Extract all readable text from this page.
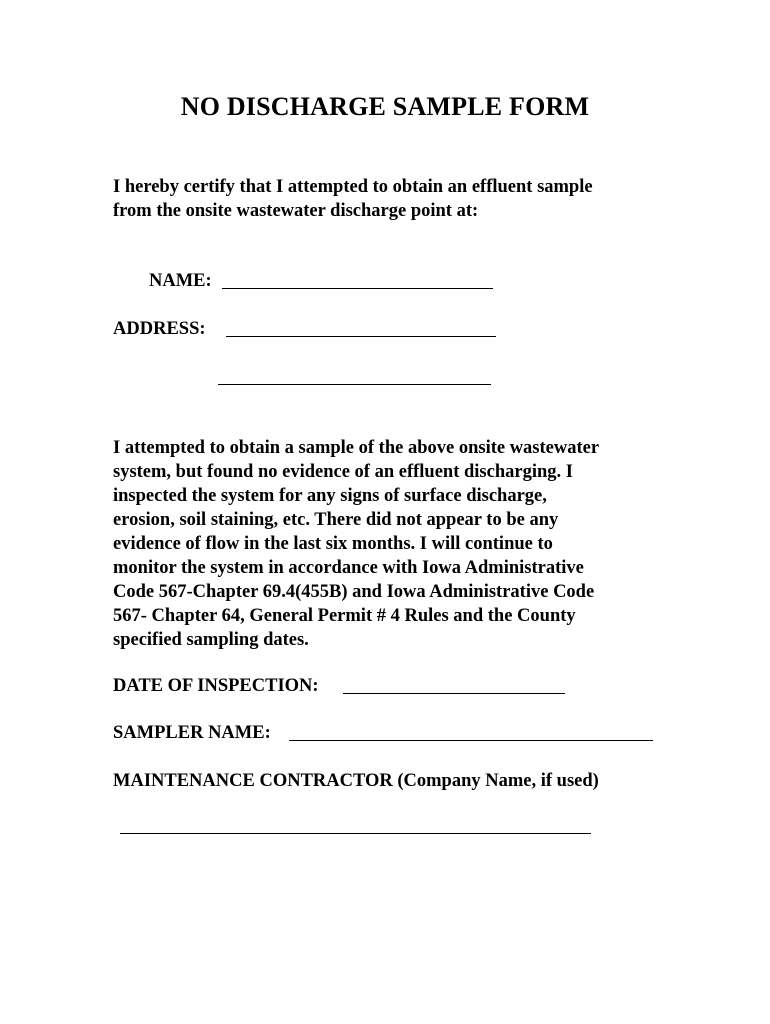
NO DISCHARGE SAMPLE FORM
I hereby certify that I attempted to obtain an effluent sample
from the onsite wastewater discharge point at:
NAME:
ADDRESS:
I attempted to obtain a sample of the above onsite wastewater
system, but found no evidence of an effluent discharging. I
inspected the system for any signs of surface discharge,
erosion, soil staining, etc. There did not appear to be any
evidence of flow in the last six months. I will continue to
monitor the system in accordance with Iowa Administrative
Code 567-Chapter 69.4(455B) and Iowa Administrative Code
567- Chapter 64, General Permit # 4 Rules and the County
specified sampling dates.
DATE OF INSPECTION:
SAMPLER NAME:
MAINTENANCE CONTRACTOR (Company Name, if used)
